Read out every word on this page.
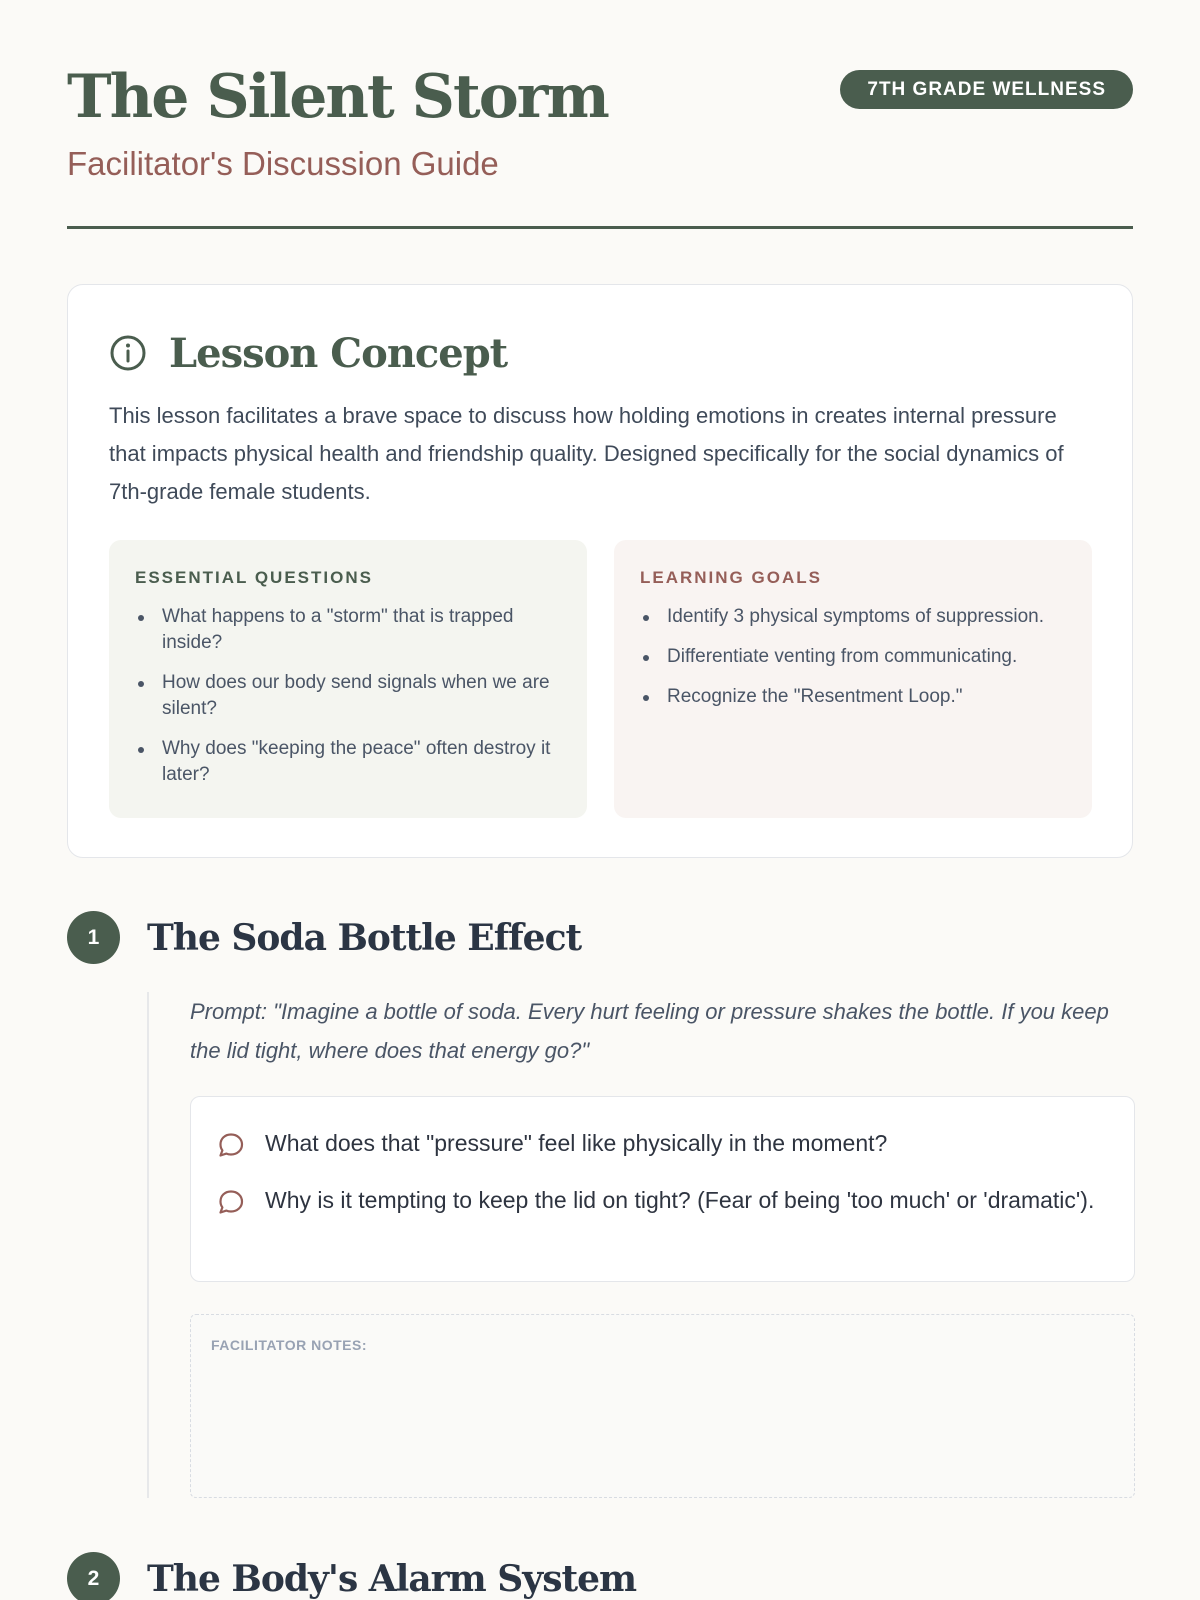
The Silent Storm
Facilitator's Discussion Guide
7TH GRADE WELLNESS
Lesson Concept

This lesson facilitates a brave space to discuss how holding emotions in creates internal pressure that impacts physical health and friendship quality. Designed specifically for the social dynamics of 7th-grade female students.

ESSENTIAL QUESTIONS
What happens to a "storm" that is trapped inside?
How does our body send signals when we are silent?
Why does "keeping the peace" often destroy it later?
LEARNING GOALS
Identify 3 physical symptoms of suppression.
Differentiate venting from communicating.
Recognize the "Resentment Loop."
1	The Soda Bottle Effect

Prompt: "Imagine a bottle of soda. Every hurt feeling or pressure shakes the bottle. If you keep the lid tight, where does that energy go?"

What does that "pressure" feel like physically in the moment?
Why is it tempting to keep the lid on tight? (Fear of being 'too much' or 'dramatic').
FACILITATOR NOTES:
2	The Body's Alarm System
